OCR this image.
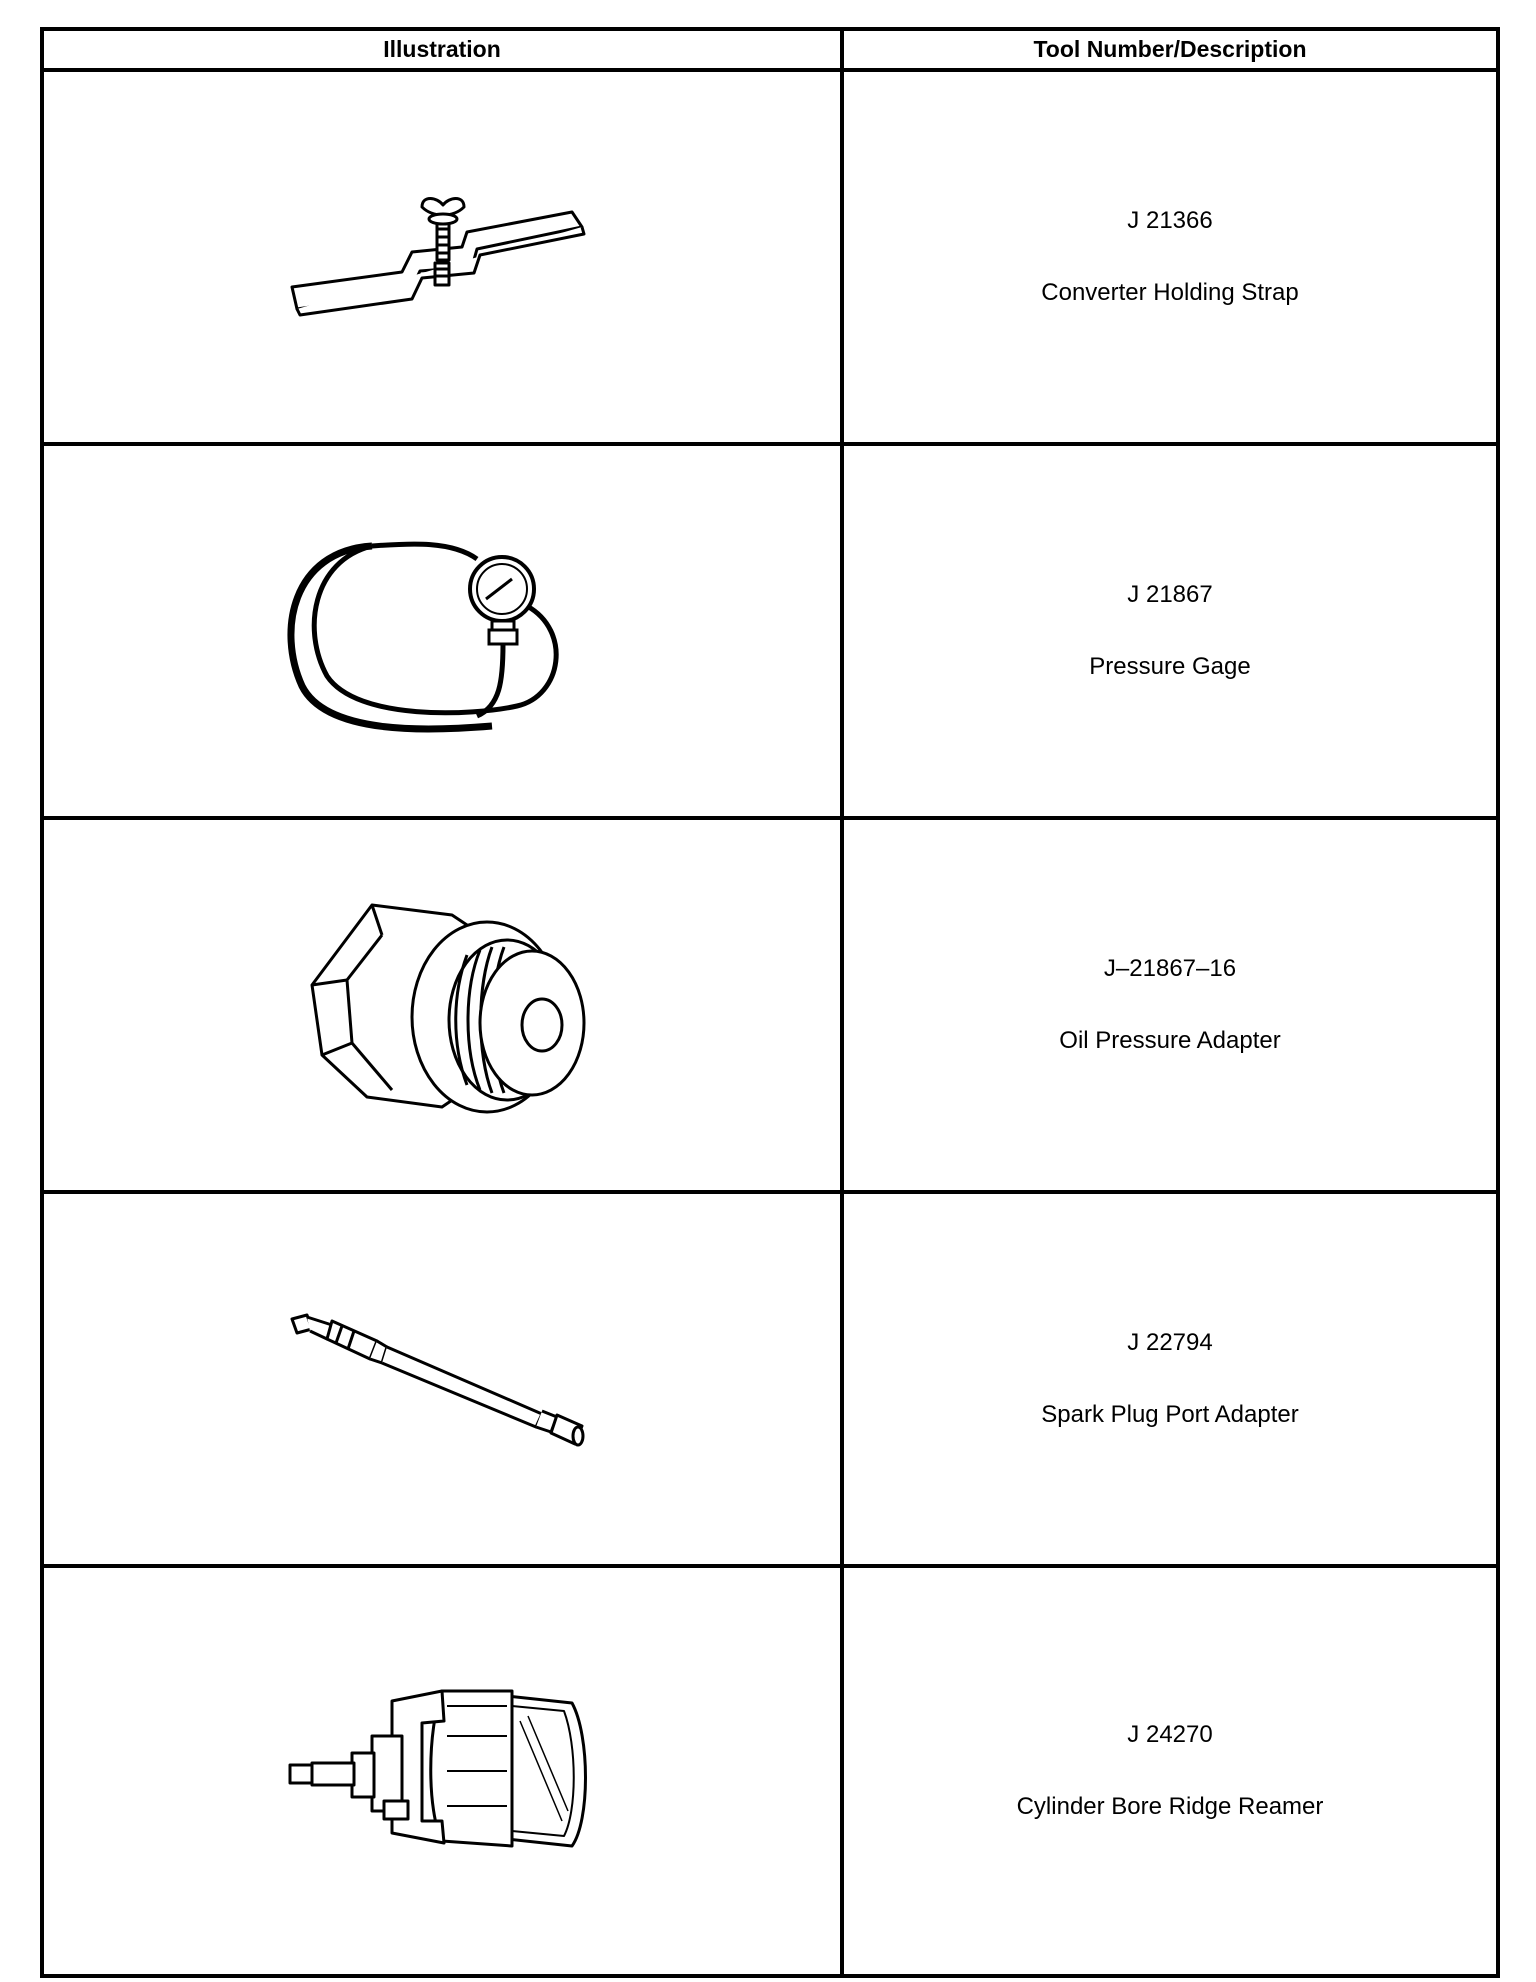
Illustration	Tool Number/Description

J 21366
Converter Holding Strap

J 21867
Pressure Gage

J–21867–16
Oil Pressure Adapter

J 22794
Spark Plug Port Adapter

J 24270
Cylinder Bore Ridge Reamer
